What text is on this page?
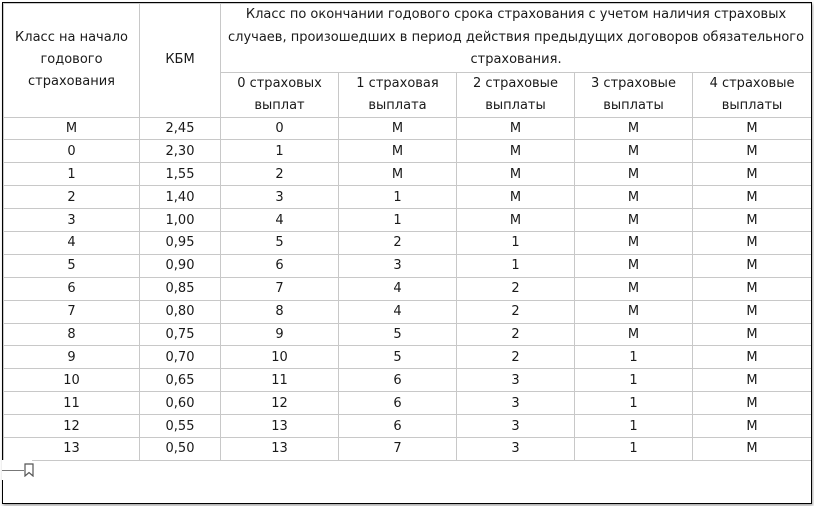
Класс на начало годового страхования	КБМ	Класс по окончании годового срока страхования с учетом наличия страховых случаев, произошедших в период действия предыдущих договоров обязательного страхования.				

		0 страховых выплат	1 страховая выплата	2 страховые выплаты	3 страховые выплаты	4 страховые выплаты

М	2,45	0	М	М	М	М
0	2,30	1	М	М	М	М
1	1,55	2	М	М	М	М
2	1,40	3	1	М	М	М
3	1,00	4	1	М	М	М
4	0,95	5	2	1	М	М
5	0,90	6	3	1	М	М
6	0,85	7	4	2	М	М
7	0,80	8	4	2	М	М
8	0,75	9	5	2	М	М
9	0,70	10	5	2	1	М
10	0,65	11	6	3	1	М
11	0,60	12	6	3	1	М
12	0,55	13	6	3	1	М
13	0,50	13	7	3	1	М
